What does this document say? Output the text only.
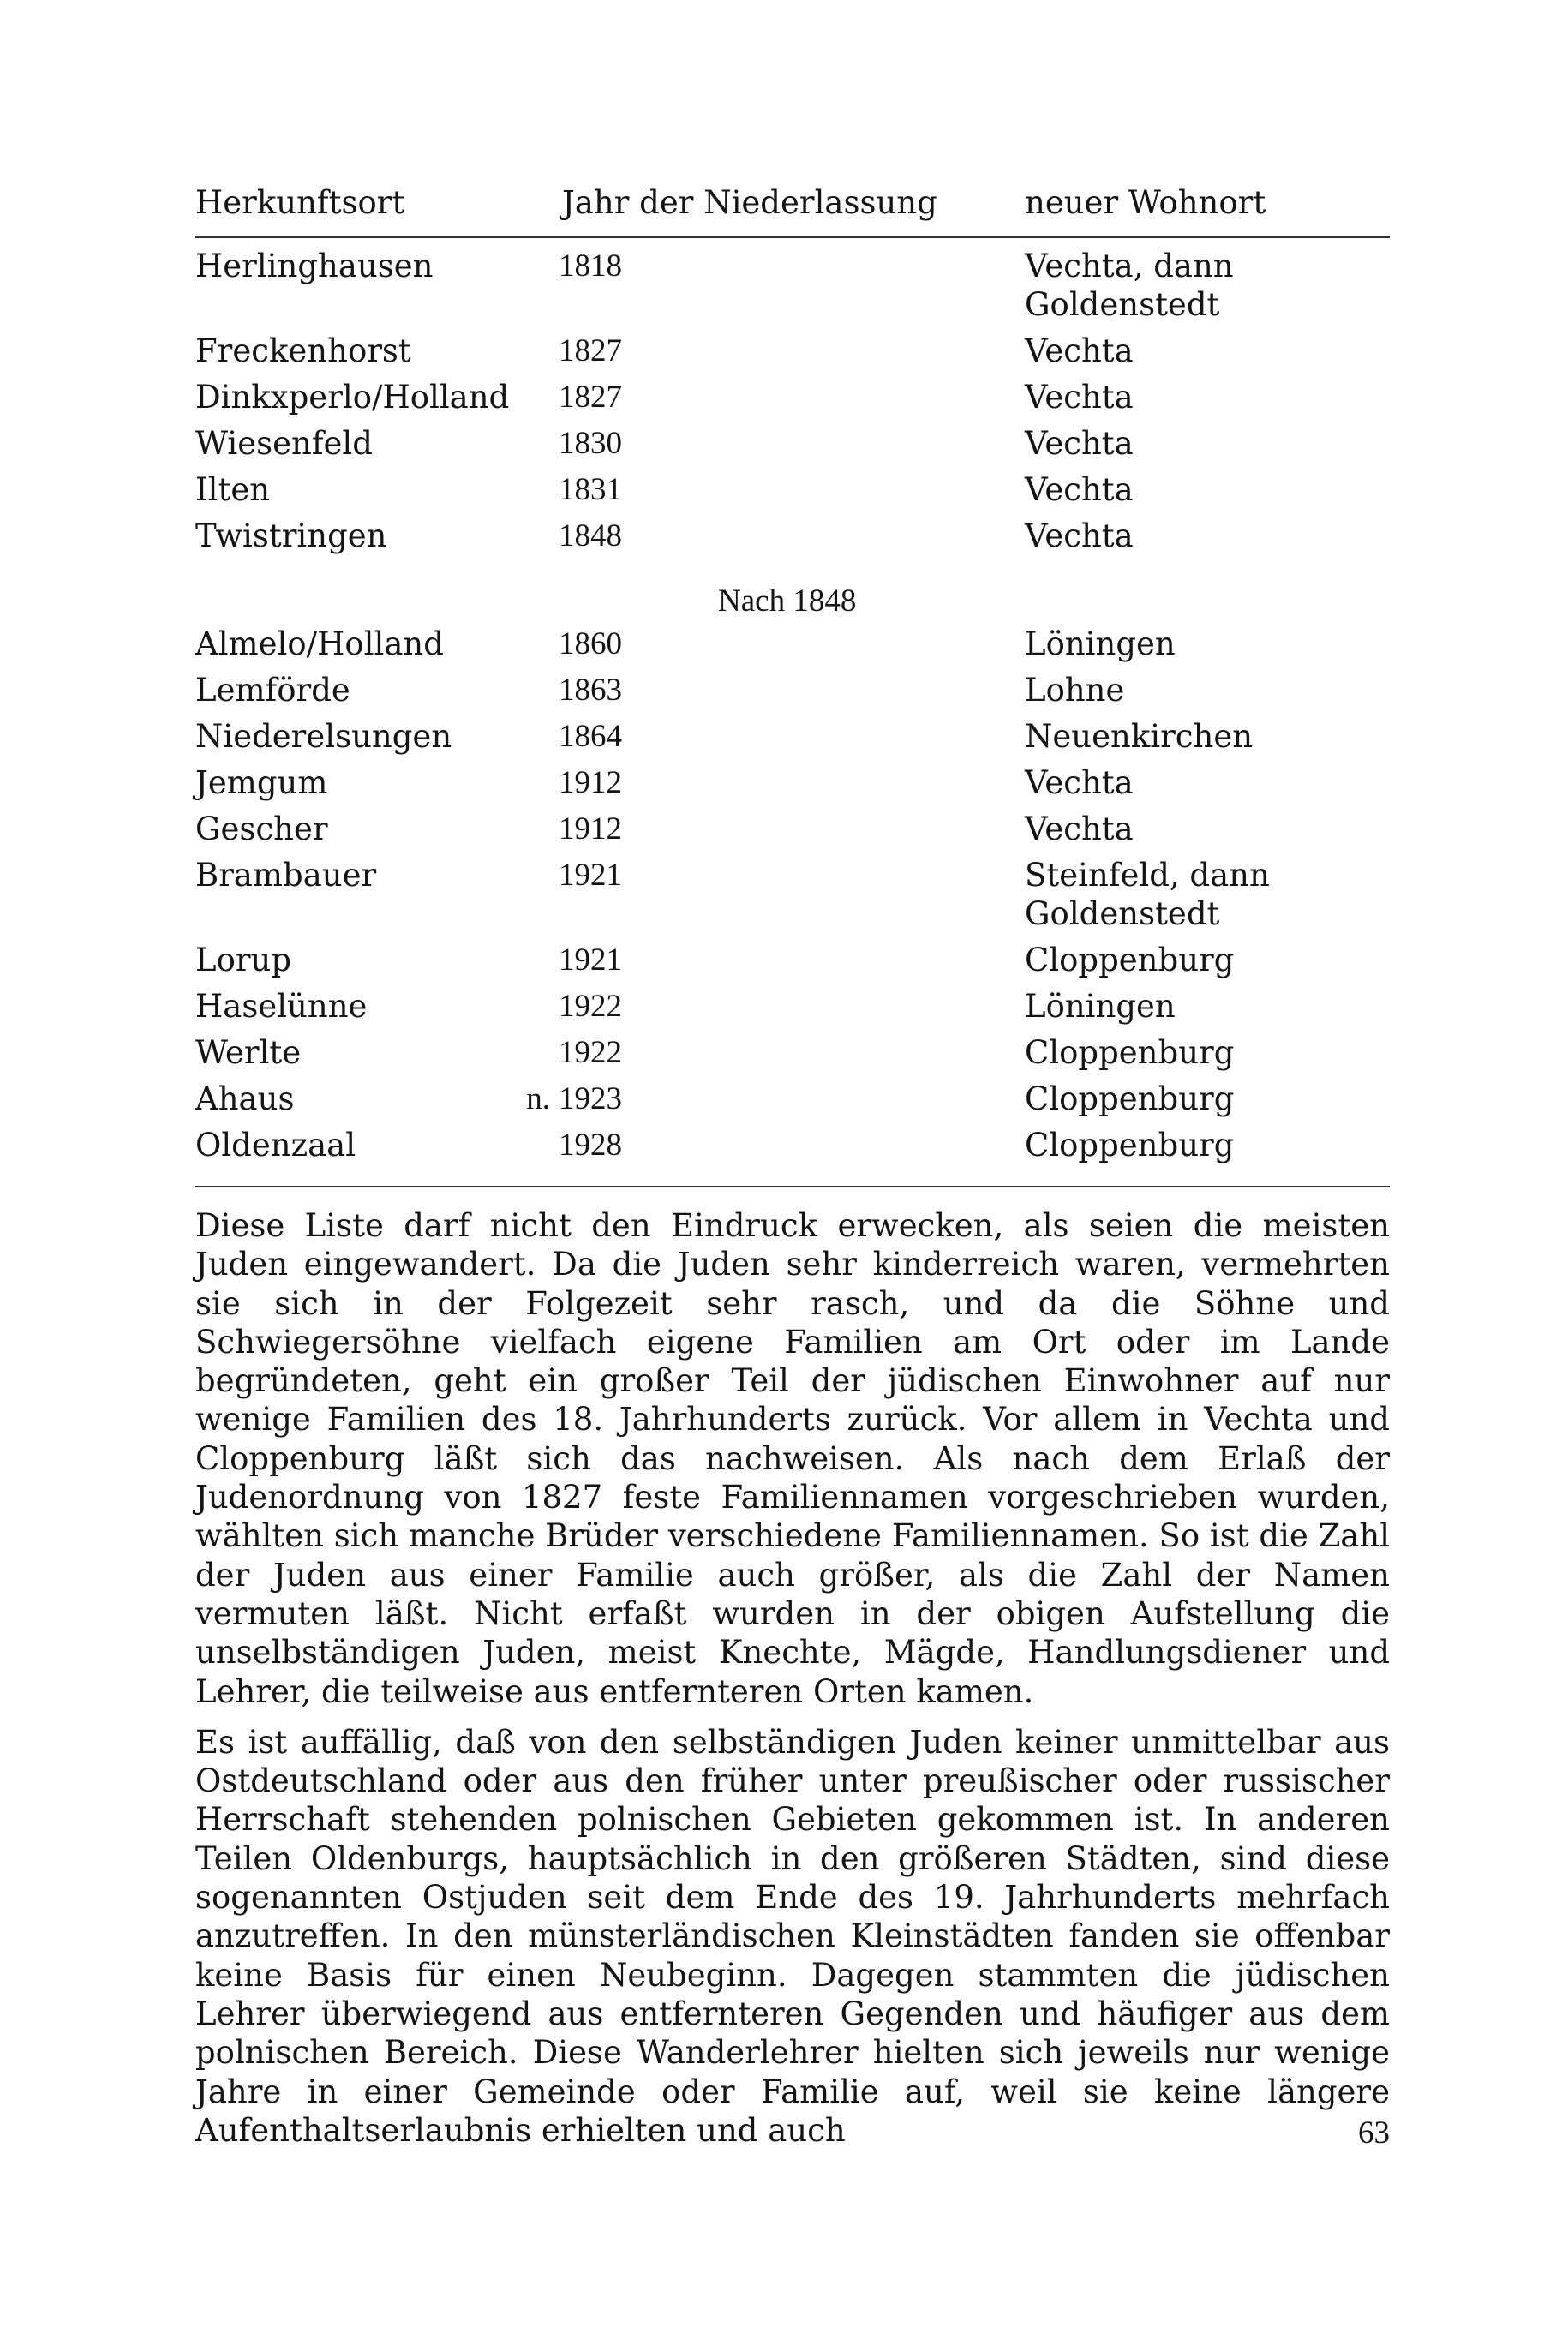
Herkunftsort	Jahr der Niederlassung	neuer Wohnort
Herlinghausen	1818	Vechta, dann
Goldenstedt
Freckenhorst	1827	Vechta
Dinkxperlo/Holland 1827	Vechta
Wiesenfeld	1830	Vechta
Ilten	1831	Vechta
Twistringen	1848	Vechta
Nach 1848
Almelo/Holland	1860	Löningen
Lemförde	1863	Lohne
Niederelsungen	1864	Neuenkirchen
Jemgum	1912	Vechta
Gescher	1912	Vechta
Brambauer	1921	Steinfeld, dann
Goldenstedt
Lorup	1921	Cloppenburg
Haselünne	1922	Löningen
Werlte	1922	Cloppenburg
Ahaus	n. 1923	Cloppenburg
Oldenzaal	1928	Cloppenburg

Diese Liste darf nicht den Eindruck erwecken, als seien die meisten Juden eingewandert. Da die Juden sehr kinderreich waren, vermehrten sie sich in der Folgezeit sehr rasch, und da die Söhne und Schwiegersöhne vielfach eigene Familien am Ort oder im Lande begründeten, geht ein großer Teil der jüdischen Einwohner auf nur wenige Familien des 18. Jahrhunderts zurück. Vor allem in Vechta und Cloppenburg läßt sich das nachweisen. Als nach dem Erlaß der Judenordnung von 1827 feste Familiennamen vorgeschrieben wurden, wählten sich manche Brüder verschiedene Familiennamen. So ist die Zahl der Juden aus einer Familie auch größer, als die Zahl der Namen vermuten läßt. Nicht erfaßt wurden in der obigen Aufstellung die unselbständigen Juden, meist Knechte, Mägde, Handlungsdiener und Lehrer, die teilweise aus entfernteren Orten kamen.

Es ist auffällig, daß von den selbständigen Juden keiner unmittelbar aus Ostdeutschland oder aus den früher unter preußischer oder russischer Herrschaft stehenden polnischen Gebieten gekommen ist. In anderen Teilen Oldenburgs, hauptsächlich in den größeren Städten, sind diese sogenannten Ostjuden seit dem Ende des 19. Jahrhunderts mehrfach anzutreffen. In den münsterländischen Kleinstädten fanden sie offenbar keine Basis für einen Neubeginn. Dagegen stammten die jüdischen Lehrer überwiegend aus entfernteren Gegenden und häufiger aus dem polnischen Bereich. Diese Wanderlehrer hielten sich jeweils nur wenige Jahre in einer Gemeinde oder Familie auf, weil sie keine längere Aufenthaltserlaubnis erhielten und auch	63
